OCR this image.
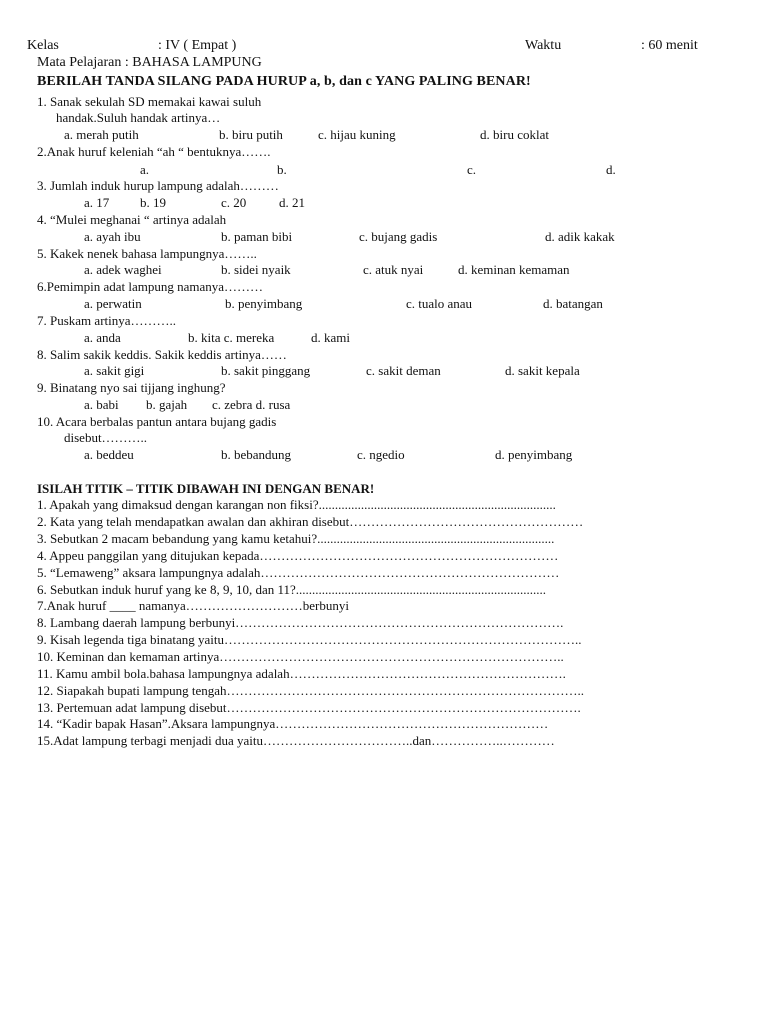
Kelas	: IV ( Empat )	Waktu	: 60 menit
Mata Pelajaran : BAHASA LAMPUNG
BERILAH TANDA SILANG PADA HURUP a, b, dan c YANG PALING BENAR!
1. Sanak sekulah SD memakai kawai suluh
handak.Suluh handak artinya…
a. merah putih	b. biru putih	c. hijau kuning	d. biru coklat
2.Anak huruf keleniah “ah “ bentuknya…….
a.	b.	c.	d.
3. Jumlah induk hurup lampung adalah………
a. 17 b. 19	c. 20	d. 21
4. “Mulei meghanai “ artinya adalah
a. ayah ibu	b. paman bibi	c. bujang gadis	d. adik kakak
5. Kakek nenek bahasa lampungnya……..
a. adek waghei	b. sidei nyaik	c. atuk nyai	d. keminan kemaman
6.Pemimpin adat lampung namanya………
a. perwatin	b. penyimbang	c. tualo anau	d. batangan
7. Puskam artinya………..
a. anda	b. kita c. mereka	d. kami
8. Salim sakik keddis. Sakik keddis artinya……
a. sakit gigi	b. sakit pinggang	c. sakit deman	d. sakit kepala
9. Binatang nyo sai tijjang inghung?
a. babi b. gajah c. zebra d. rusa
10. Acara berbalas pantun antara bujang gadis
disebut………..
a. beddeu	b. bebandung	c. ngedio	d. penyimbang
ISILAH TITIK – TITIK DIBAWAH INI DENGAN BENAR!
1. Apakah yang dimaksud dengan karangan non fiksi?.........................................................................
2. Kata yang telah mendapatkan awalan dan akhiran disebut………………………………………………
3. Sebutkan 2 macam bebandung yang kamu ketahui?.........................................................................
4. Appeu panggilan yang ditujukan kepada……………………………………………………………
5. “Lemaweng” aksara lampungnya adalah……………………………………………………………
6. Sebutkan induk huruf yang ke 8, 9, 10, dan 11?.............................................................................
7.Anak huruf ____ namanya………………………berbunyi
8. Lambang daerah lampung berbunyi………………………………………………………………….
9. Kisah legenda tiga binatang yaitu………………………………………………………………………..
10. Keminan dan kemaman artinya……………………………………………………………………..
11. Kamu ambil bola.bahasa lampungnya adalah……………………………………………………….
12. Siapakah bupati lampung tengah………………………………………………………………………..
13. Pertemuan adat lampung disebut……………………………………………………………………….
14. “Kadir bapak Hasan”.Aksara lampungnya………………………………………………………
15.Adat lampung terbagi menjadi dua yaitu……………………………..dan……………..…………
